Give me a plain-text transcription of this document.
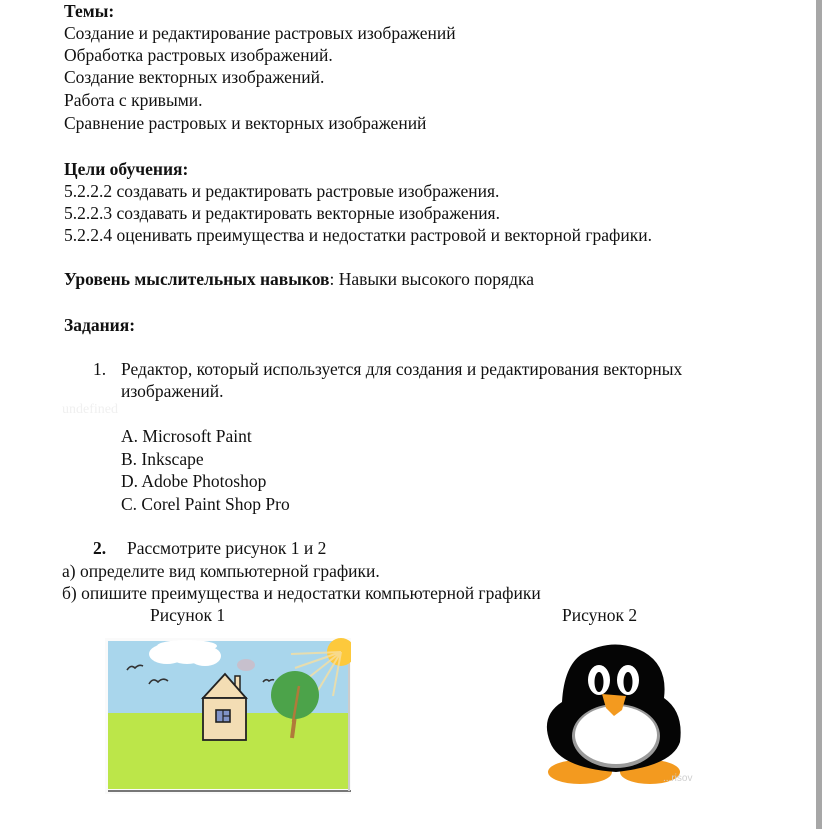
Темы:
Создание и редактирование растровых изображений
Обработка растровых изображений.
Создание векторных изображений.
Работа с кривыми.
Сравнение растровых и векторных изображений
Цели обучения:
5.2.2.2 создавать и редактировать растровые изображения.
5.2.2.3 создавать и редактировать векторные изображения.
5.2.2.4 оценивать преимущества и недостатки растровой и векторной графики.
Уровень мыслительных навыков: Навыки высокого порядка
Задания:
1. Редактор, который используется для создания и редактирования векторных
изображений.
undefined
A. Microsoft Paint
B. Inkscape
D. Adobe Photoshop
C. Corel Paint Shop Pro
2. Рассмотрите рисунок 1 и 2
а) определите вид компьютерной графики.
б) опишите преимущества и недостатки компьютерной графики
Рисунок 1	Рисунок 2
...risov
